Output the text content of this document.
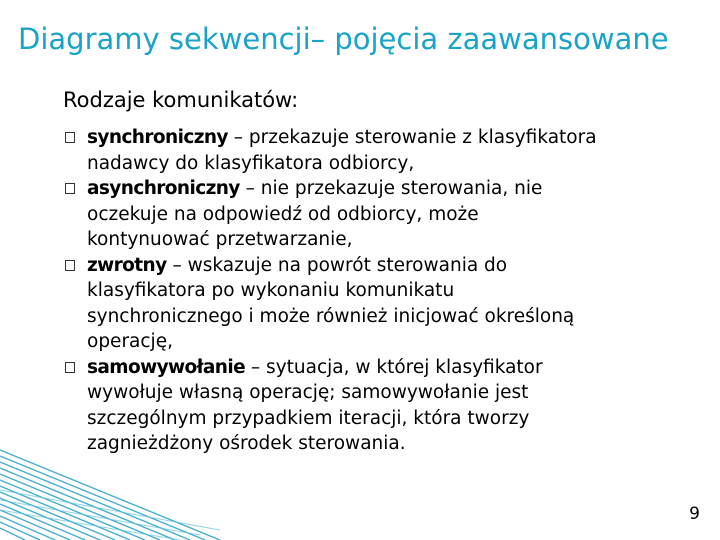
Diagramy sekwencji– pojęcia zaawansowane

Rodzaje komunikatów:

synchroniczny – przekazuje sterowanie z klasyfikatora
nadawcy do klasyfikatora odbiorcy,
asynchroniczny – nie przekazuje sterowania, nie
oczekuje na odpowiedź od odbiorcy, może
kontynuować przetwarzanie,
zwrotny – wskazuje na powrót sterowania do
klasyfikatora po wykonaniu komunikatu
synchronicznego i może również inicjować określoną
operację,
samowywołanie – sytuacja, w której klasyfikator
wywołuje własną operację; samowywołanie jest
szczególnym przypadkiem iteracji, która tworzy
zagnieżdżony ośrodek sterowania.
9
